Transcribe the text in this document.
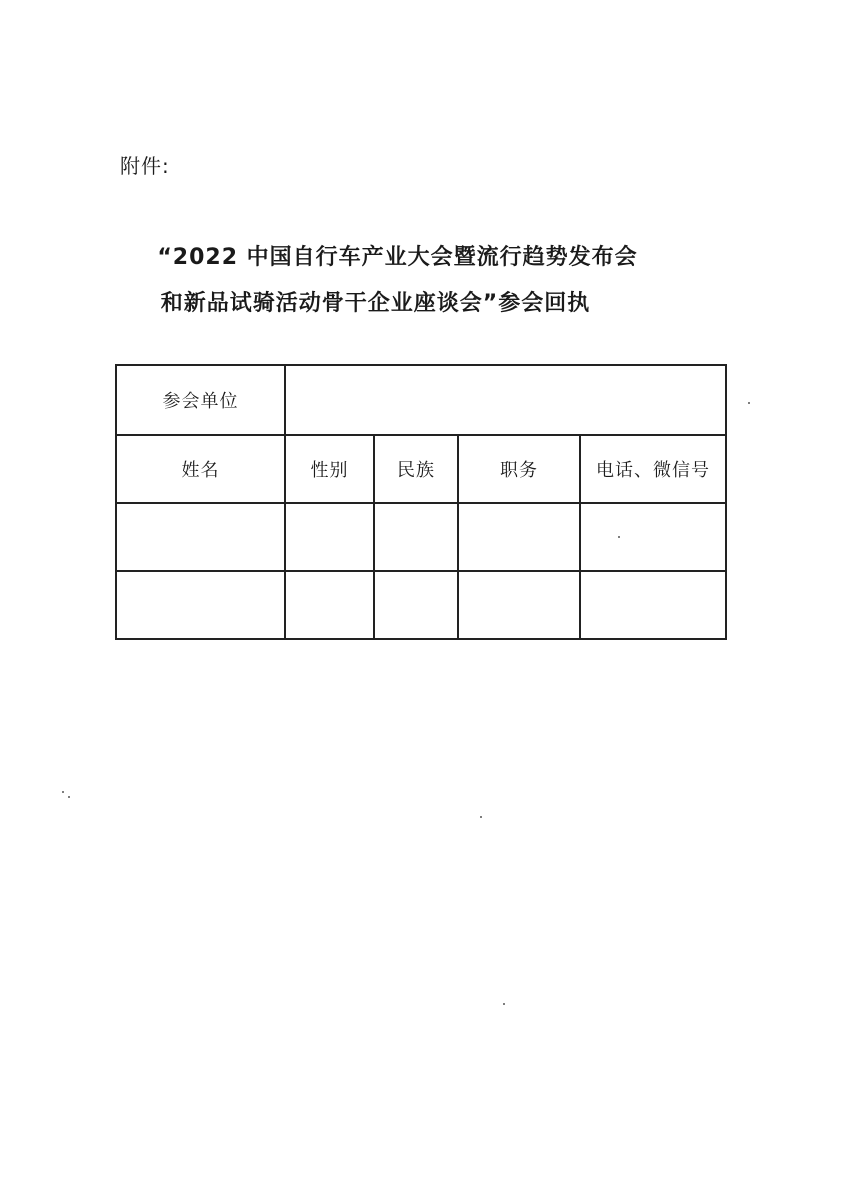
附件:
“2022 中国自行车产业大会暨流行趋势发布会
和新品试骑活动骨干企业座谈会”参会回执
参会单位				
姓名	性别	民族	职务	电话、微信号
